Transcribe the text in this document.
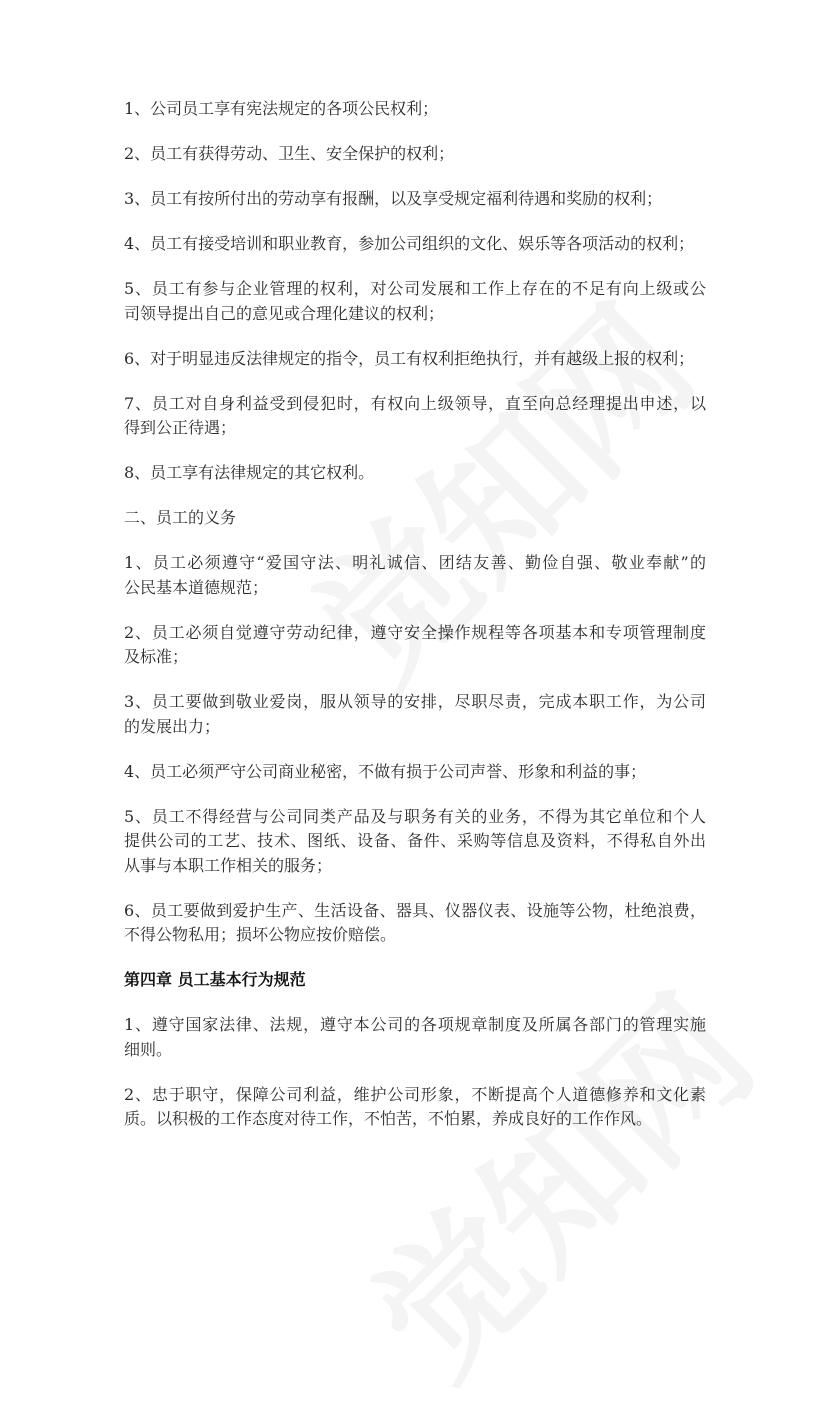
1、公司员工享有宪法规定的各项公民权利；
2、员工有获得劳动、卫生、安全保护的权利；
3、员工有按所付出的劳动享有报酬，以及享受规定福利待遇和奖励的权利；
4、员工有接受培训和职业教育，参加公司组织的文化、娱乐等各项活动的权利；
5、员工有参与企业管理的权利，对公司发展和工作上存在的不足有向上级或公
司领导提出自己的意见或合理化建议的权利；
6、对于明显违反法律规定的指令，员工有权利拒绝执行，并有越级上报的权利；
7、员工对自身利益受到侵犯时，有权向上级领导，直至向总经理提出申述，以
得到公正待遇；
8、员工享有法律规定的其它权利。
二、员工的义务
1、员工必须遵守“爱国守法、明礼诚信、团结友善、勤俭自强、敬业奉献”的
公民基本道德规范；
2、员工必须自觉遵守劳动纪律，遵守安全操作规程等各项基本和专项管理制度
及标准；
3、员工要做到敬业爱岗，服从领导的安排，尽职尽责，完成本职工作，为公司
的发展出力；
4、员工必须严守公司商业秘密，不做有损于公司声誉、形象和利益的事；
5、员工不得经营与公司同类产品及与职务有关的业务，不得为其它单位和个人
提供公司的工艺、技术、图纸、设备、备件、采购等信息及资料，不得私自外出
从事与本职工作相关的服务；
6、员工要做到爱护生产、生活设备、器具、仪器仪表、设施等公物，杜绝浪费，
不得公物私用；损坏公物应按价赔偿。
第四章 员工基本行为规范
1、遵守国家法律、法规，遵守本公司的各项规章制度及所属各部门的管理实施
细则。
2、忠于职守，保障公司利益，维护公司形象，不断提高个人道德修养和文化素
质。以积极的工作态度对待工作，不怕苦，不怕累，养成良好的工作作风。
